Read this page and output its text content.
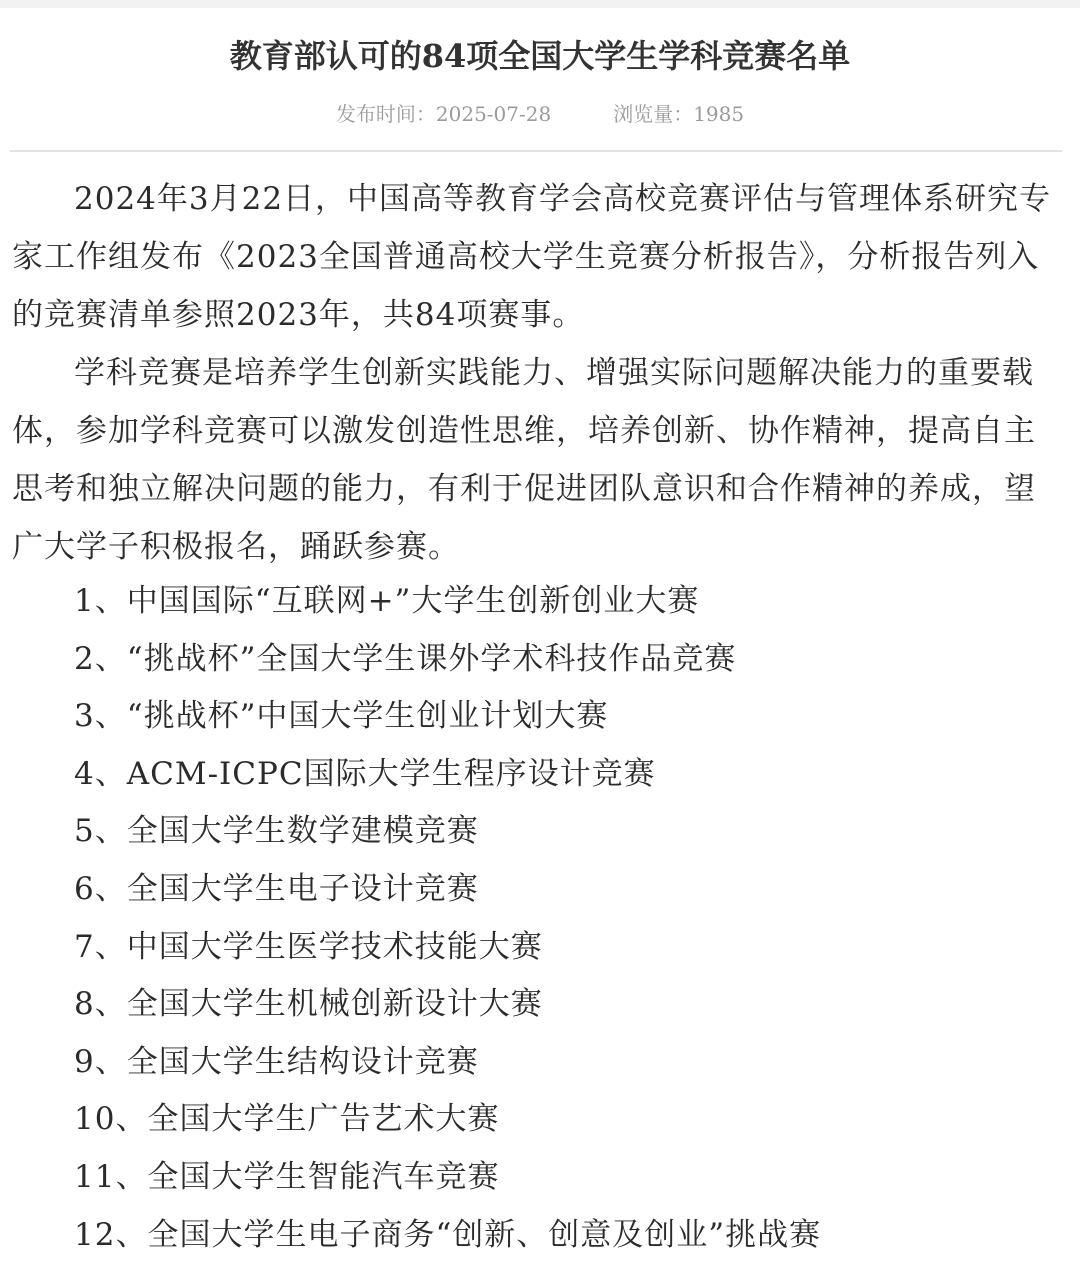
教育部认可的84项全国大学生学科竞赛名单
发布时间：2025-07-28	浏览量：1985

2024年3月22日，中国高等教育学会高校竞赛评估与管理体系研究专家工作组发布《2023全国普通高校大学生竞赛分析报告》，分析报告列入的竞赛清单参照2023年，共84项赛事。

学科竞赛是培养学生创新实践能力、增强实际问题解决能力的重要载体，参加学科竞赛可以激发创造性思维，培养创新、协作精神，提高自主思考和独立解决问题的能力，有利于促进团队意识和合作精神的养成，望广大学子积极报名，踊跃参赛。

1、中国国际“互联网+”大学生创新创业大赛
2、“挑战杯”全国大学生课外学术科技作品竞赛
3、“挑战杯”中国大学生创业计划大赛
4、ACM-ICPC国际大学生程序设计竞赛
5、全国大学生数学建模竞赛
6、全国大学生电子设计竞赛
7、中国大学生医学技术技能大赛
8、全国大学生机械创新设计大赛
9、全国大学生结构设计竞赛
10、全国大学生广告艺术大赛
11、全国大学生智能汽车竞赛
12、全国大学生电子商务“创新、创意及创业”挑战赛
